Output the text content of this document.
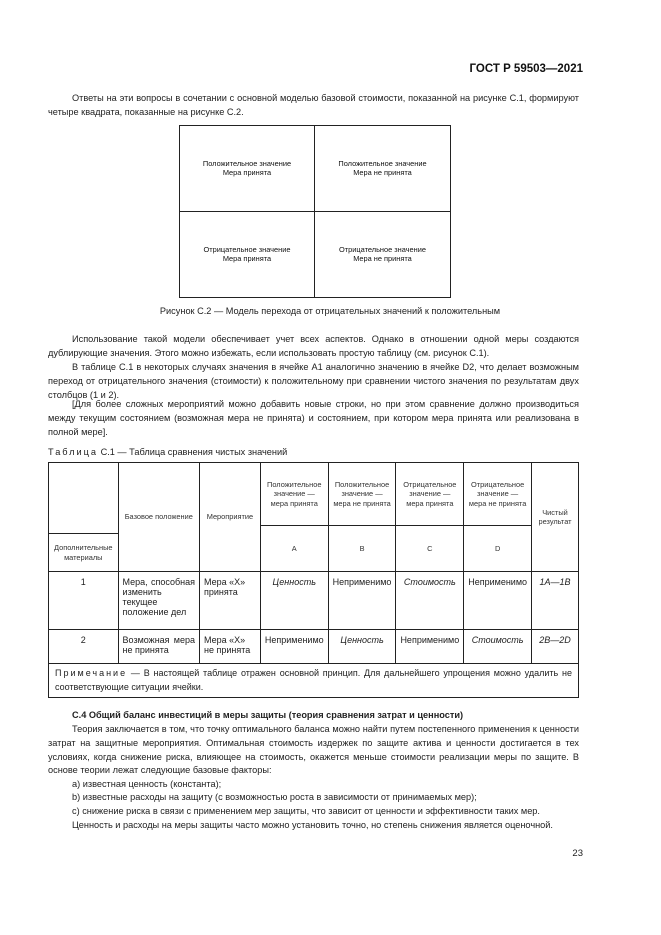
ГОСТ Р 59503—2021
Ответы на эти вопросы в сочетании с основной моделью базовой стоимости, показанной на рисунке С.1, формируют четыре квадрата, показанные на рисунке С.2.
Положительное значение
Мера принята
Положительное значение
Мера не принята
Отрицательное значение
Мера принята
Отрицательное значение
Мера не принята
Рисунок С.2 — Модель перехода от отрицательных значений к положительным
Использование такой модели обеспечивает учет всех аспектов. Однако в отношении одной меры создаются дублирующие значения. Этого можно избежать, если использовать простую таблицу (см. рисунок С.1).
В таблице С.1 в некоторых случаях значения в ячейке А1 аналогично значению в ячейке D2, что делает возможным переход от отрицательного значения (стоимости) к положительному при сравнении чистого значения по результатам двух столбцов (1 и 2).
[Для более сложных мероприятий можно добавить новые строки, но при этом сравнение должно производиться между текущим состоянием (возможная мера не принята) и состоянием, при котором мера принята или реализована в полной мере].
Таблица С.1 — Таблица сравнения чистых значений
	Базовое положение	Мероприятие	Положительное значение — мера принята	Положительное значение — мера не принята	Отрицательное значение — мера принята	Отрицательное значение — мера не принята	Чистый результат
			A	B	C	D	
Дополнительные материалы							
1	Мера, способная изменить текущее положение дел	Мера «X» принята	Ценность	Неприменимо	Стоимость	Неприменимо	1А—1В
2	Возможная мера не принята	Мера «X» не принята	Неприменимо	Ценность	Неприменимо	Стоимость	2В—2D
Примечание — В настоящей таблице отражен основной принцип. Для дальнейшего упрощения можно удалить не соответствующие ситуации ячейки.							
С.4 Общий баланс инвестиций в меры защиты (теория сравнения затрат и ценности)
Теория заключается в том, что точку оптимального баланса можно найти путем постепенного применения к ценности затрат на защитные мероприятия. Оптимальная стоимость издержек по защите актива и ценности достигается в тех условиях, когда снижение риска, влияющее на стоимость, окажется меньше стоимости реализации меры по защите. В основе теории лежат следующие базовые факторы:
а) известная ценность (константа);
b) известные расходы на защиту (с возможностью роста в зависимости от принимаемых мер);
c) снижение риска в связи с применением мер защиты, что зависит от ценности и эффективности таких мер.
Ценность и расходы на меры защиты часто можно установить точно, но степень снижения является оценочной.
23
